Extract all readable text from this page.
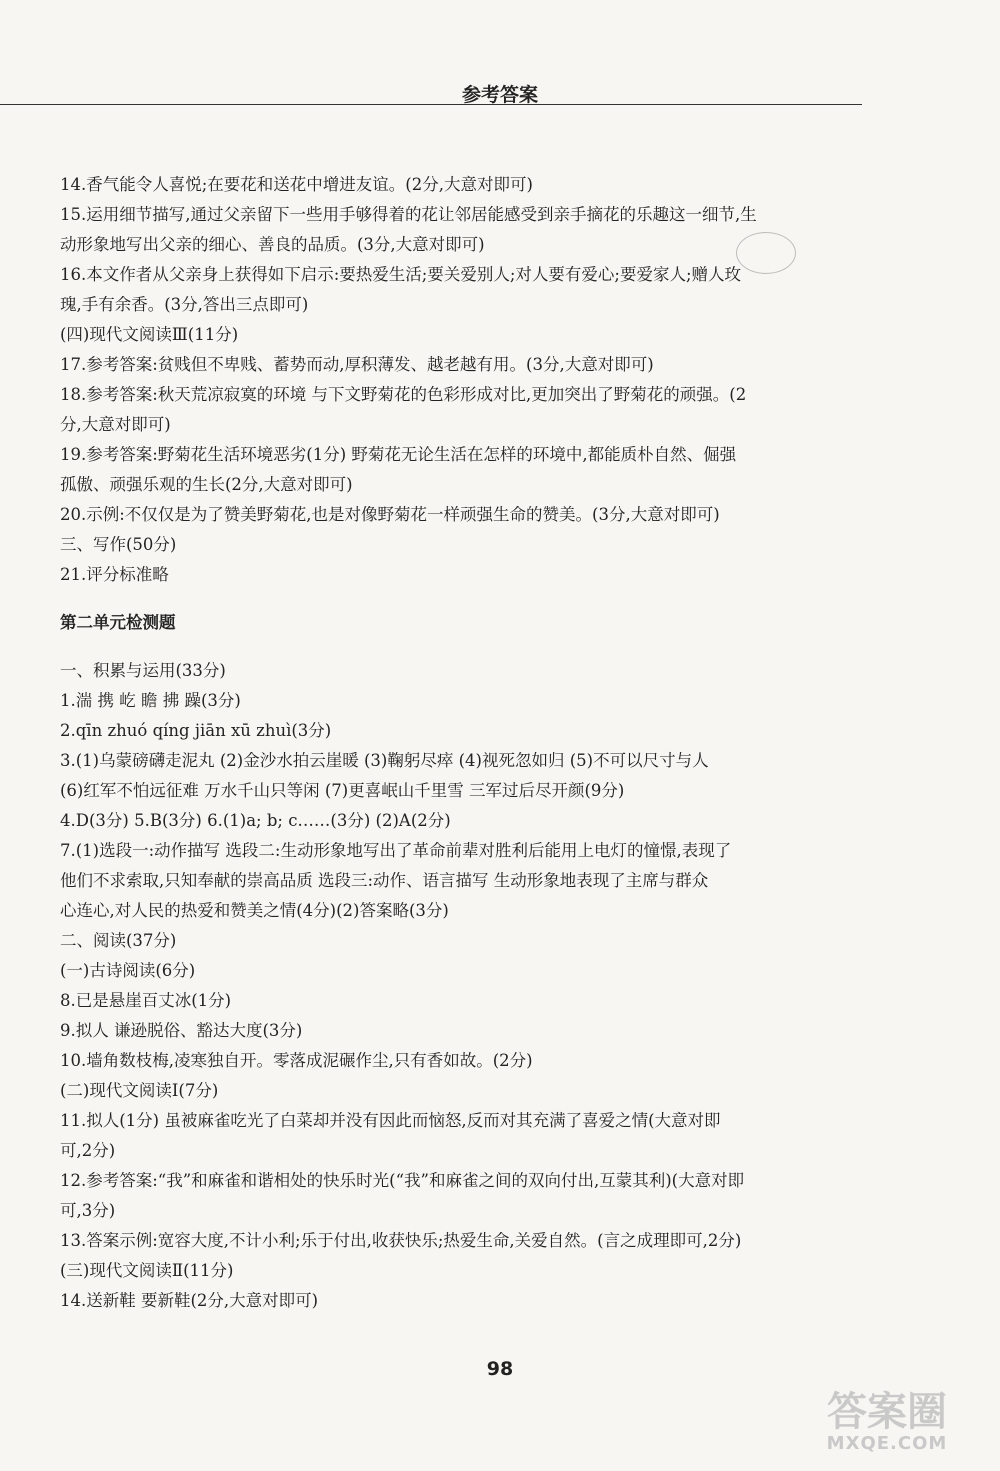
参考答案
14.香气能令人喜悦;在要花和送花中增进友谊。(2分,大意对即可)
15.运用细节描写,通过父亲留下一些用手够得着的花让邻居能感受到亲手摘花的乐趣这一细节,生
动形象地写出父亲的细心、善良的品质。(3分,大意对即可)
16.本文作者从父亲身上获得如下启示:要热爱生活;要关爱别人;对人要有爱心;要爱家人;赠人玫
瑰,手有余香。(3分,答出三点即可)
(四)现代文阅读Ⅲ(11分)
17.参考答案:贫贱但不卑贱、蓄势而动,厚积薄发、越老越有用。(3分,大意对即可)
18.参考答案:秋天荒凉寂寞的环境 与下文野菊花的色彩形成对比,更加突出了野菊花的顽强。(2
分,大意对即可)
19.参考答案:野菊花生活环境恶劣(1分) 野菊花无论生活在怎样的环境中,都能质朴自然、倔强
孤傲、顽强乐观的生长(2分,大意对即可)
20.示例:不仅仅是为了赞美野菊花,也是对像野菊花一样顽强生命的赞美。(3分,大意对即可)
三、写作(50分)
21.评分标准略
第二单元检测题
一、积累与运用(33分)
1.湍 携 屹 瞻 拂 躁(3分)
2.qīn zhuó qíng jiān xū zhuì(3分)
3.(1)乌蒙磅礴走泥丸 (2)金沙水拍云崖暖 (3)鞠躬尽瘁 (4)视死忽如归 (5)不可以尺寸与人
(6)红军不怕远征难 万水千山只等闲 (7)更喜岷山千里雪 三军过后尽开颜(9分)
4.D(3分) 5.B(3分) 6.(1)a; b; c……(3分) (2)A(2分)
7.(1)选段一:动作描写 选段二:生动形象地写出了革命前辈对胜利后能用上电灯的憧憬,表现了
他们不求索取,只知奉献的崇高品质 选段三:动作、语言描写 生动形象地表现了主席与群众
心连心,对人民的热爱和赞美之情(4分)(2)答案略(3分)
二、阅读(37分)
(一)古诗阅读(6分)
8.已是悬崖百丈冰(1分)
9.拟人 谦逊脱俗、豁达大度(3分)
10.墙角数枝梅,凌寒独自开。零落成泥碾作尘,只有香如故。(2分)
(二)现代文阅读Ⅰ(7分)
11.拟人(1分) 虽被麻雀吃光了白菜却并没有因此而恼怒,反而对其充满了喜爱之情(大意对即
可,2分)
12.参考答案:“我”和麻雀和谐相处的快乐时光(“我”和麻雀之间的双向付出,互蒙其利)(大意对即
可,3分)
13.答案示例:宽容大度,不计小利;乐于付出,收获快乐;热爱生命,关爱自然。(言之成理即可,2分)
(三)现代文阅读Ⅱ(11分)
14.送新鞋 要新鞋(2分,大意对即可)
98
答案圈
MXQE.COM
